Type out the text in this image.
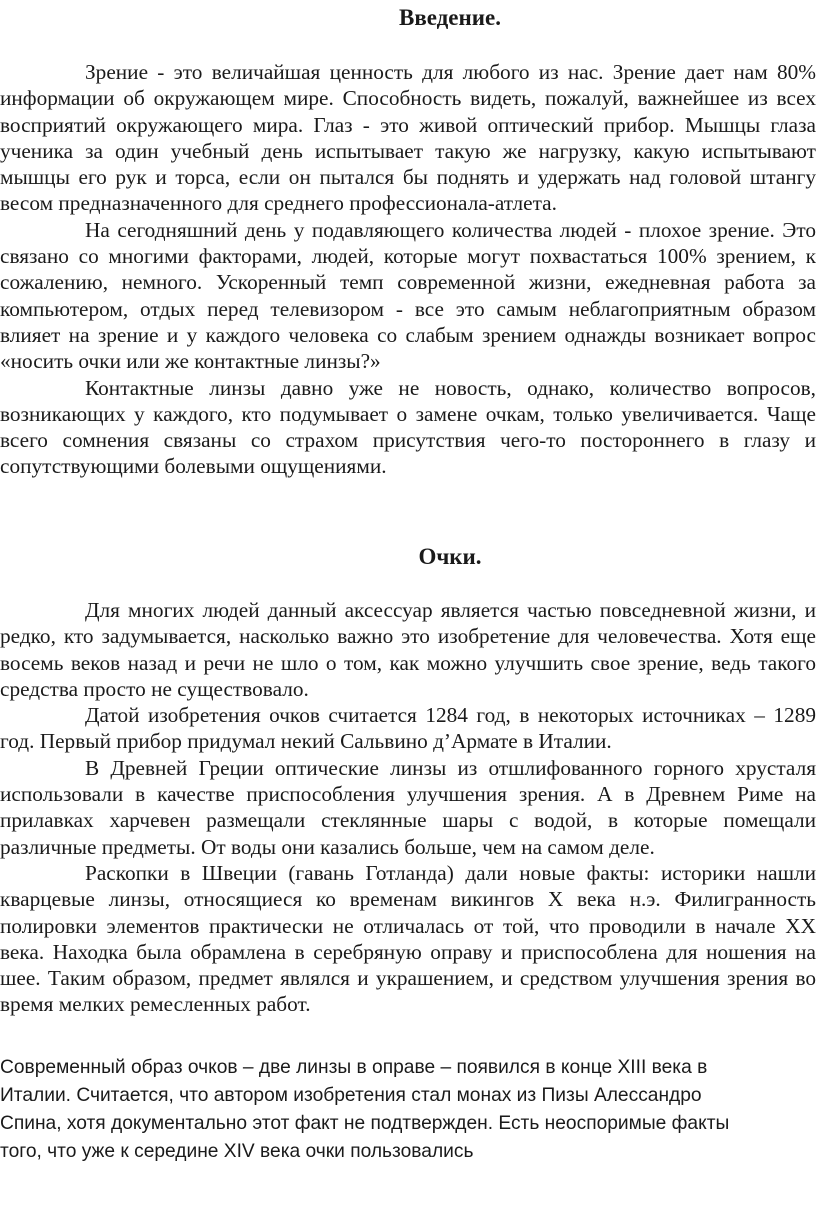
Введение.

Зрение - это величайшая ценность для любого из нас. Зрение дает нам 80% информации об окружающем мире. Способность видеть, пожалуй, важнейшее из всех восприятий окружающего мира. Глаз - это живой оптический прибор. Мышцы глаза ученика за один учебный день испытывает такую же нагрузку, какую испытывают мышцы его рук и торса, если он пытался бы поднять и удержать над головой штангу весом предназначенного для среднего профессионала-атлета.

На сегодняшний день у подавляющего количества людей - плохое зрение. Это связано со многими факторами, людей, которые могут похвастаться 100% зрением, к сожалению, немного. Ускоренный темп современной жизни, ежедневная работа за компьютером, отдых перед телевизором - все это самым неблагоприятным образом влияет на зрение и у каждого человека со слабым зрением однажды возникает вопрос «носить очки или же контактные линзы?»

Контактные линзы давно уже не новость, однако, количество вопросов, возникающих у каждого, кто подумывает о замене очкам, только увеличивается. Чаще всего сомнения связаны со страхом присутствия чего-то постороннего в глазу и сопутствующими болевыми ощущениями.

Очки.

Для многих людей данный аксессуар является частью повседневной жизни, и редко, кто задумывается, насколько важно это изобретение для человечества. Хотя еще восемь веков назад и речи не шло о том, как можно улучшить свое зрение, ведь такого средства просто не существовало.

Датой изобретения очков считается 1284 год, в некоторых источниках – 1289 год. Первый прибор придумал некий Сальвино д’Армате в Италии.

В Древней Греции оптические линзы из отшлифованного горного хрусталя использовали в качестве приспособления улучшения зрения. А в Древнем Риме на прилавках харчевен размещали стеклянные шары с водой, в которые помещали различные предметы. От воды они казались больше, чем на самом деле.

Раскопки в Швеции (гавань Готланда) дали новые факты: историки нашли кварцевые линзы, относящиеся ко временам викингов X века н.э. Филигранность полировки элементов практически не отличалась от той, что проводили в начале XX века. Находка была обрамлена в серебряную оправу и приспособлена для ношения на шее. Таким образом, предмет являлся и украшением, и средством улучшения зрения во время мелких ремесленных работ.

Современный образ очков – две линзы в оправе – появился в конце XIII века в

Италии. Считается, что автором изобретения стал монах из Пизы Алессандро

Спина, хотя документально этот факт не подтвержден. Есть неоспоримые факты

того, что уже к середине XIV века очки пользовались
